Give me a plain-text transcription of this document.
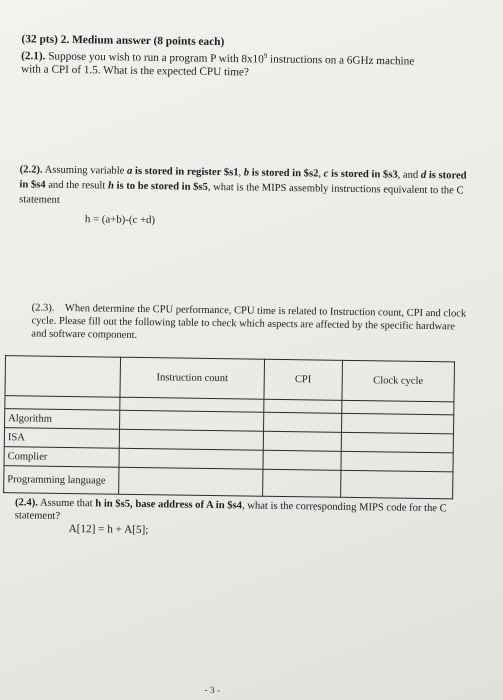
(32 pts) 2. Medium answer (8 points each)
(2.1). Suppose you wish to run a program P with $8x10^9$ instructions on a 6GHz machine
with a CPI of 1.5. What is the expected CPU time?
(2.2). Assuming variable a is stored in register $s1, b is stored in $s2, c is stored in $s3, and d is stored in $s4 and the result h is to be stored in $s5, what is the MIPS assembly instructions equivalent to the C statement
h = (a+b)-(c +d)
(2.3). When determine the CPU performance, CPU time is related to Instruction count, CPI and clock cycle. Please fill out the following table to check which aspects are affected by the specific hardware and software component.
	Instruction count	CPI	Clock cycle

Algorithm			
ISA			
Complier			
Programming language			
(2.4). Assume that h in $s5, base address of A in $s4, what is the corresponding MIPS code for the C statement?
A[12] = h + A[5];
- 3 -
